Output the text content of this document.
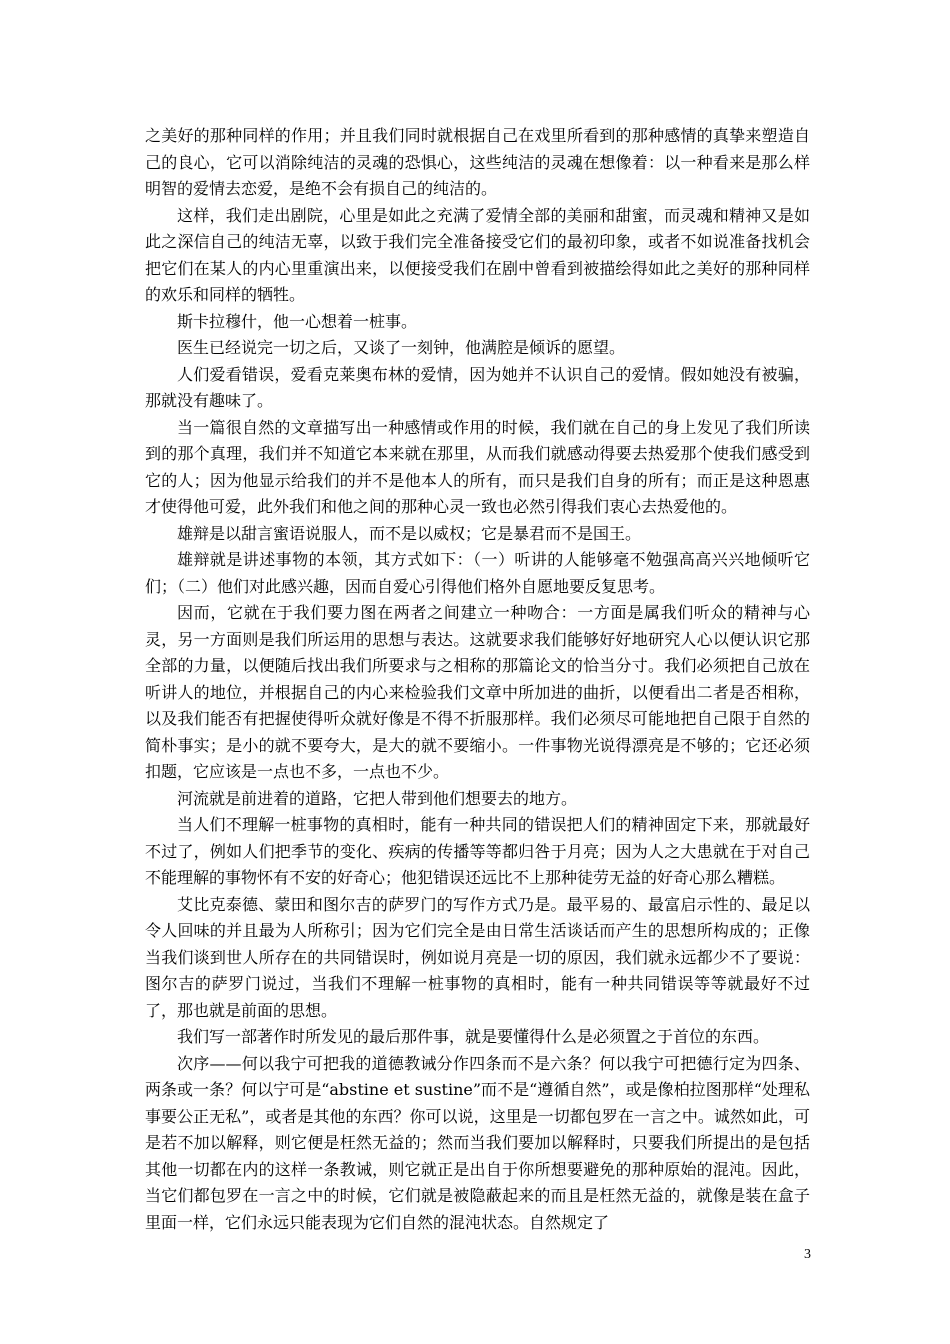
之美好的那种同样的作用；并且我们同时就根据自己在戏里所看到的那种感情的真挚来塑造自己的良心，它可以消除纯洁的灵魂的恐惧心，这些纯洁的灵魂在想像着：以一种看来是那么样明智的爱情去恋爱，是绝不会有损自己的纯洁的。

这样，我们走出剧院，心里是如此之充满了爱情全部的美丽和甜蜜，而灵魂和精神又是如此之深信自己的纯洁无辜，以致于我们完全准备接受它们的最初印象，或者不如说准备找机会把它们在某人的内心里重演出来，以便接受我们在剧中曾看到被描绘得如此之美好的那种同样的欢乐和同样的牺牲。

斯卡拉穆什，他一心想着一桩事。

医生已经说完一切之后，又谈了一刻钟，他满腔是倾诉的愿望。

人们爱看错误，爱看克莱奥布林的爱情，因为她并不认识自己的爱情。假如她没有被骗，那就没有趣味了。

当一篇很自然的文章描写出一种感情或作用的时候，我们就在自己的身上发见了我们所读到的那个真理，我们并不知道它本来就在那里，从而我们就感动得要去热爱那个使我们感受到它的人；因为他显示给我们的并不是他本人的所有，而只是我们自身的所有；而正是这种恩惠才使得他可爱，此外我们和他之间的那种心灵一致也必然引得我们衷心去热爱他的。

雄辩是以甜言蜜语说服人，而不是以威权；它是暴君而不是国王。

雄辩就是讲述事物的本领，其方式如下：（一）听讲的人能够毫不勉强高高兴兴地倾听它们；（二）他们对此感兴趣，因而自爱心引得他们格外自愿地要反复思考。

因而，它就在于我们要力图在两者之间建立一种吻合：一方面是属我们听众的精神与心灵，另一方面则是我们所运用的思想与表达。这就要求我们能够好好地研究人心以便认识它那全部的力量，以便随后找出我们所要求与之相称的那篇论文的恰当分寸。我们必须把自己放在听讲人的地位，并根据自己的内心来检验我们文章中所加进的曲折，以便看出二者是否相称，以及我们能否有把握使得听众就好像是不得不折服那样。我们必须尽可能地把自己限于自然的简朴事实；是小的就不要夸大，是大的就不要缩小。一件事物光说得漂亮是不够的；它还必须扣题，它应该是一点也不多，一点也不少。

河流就是前进着的道路，它把人带到他们想要去的地方。

当人们不理解一桩事物的真相时，能有一种共同的错误把人们的精神固定下来，那就最好不过了，例如人们把季节的变化、疾病的传播等等都归咎于月亮；因为人之大患就在于对自己不能理解的事物怀有不安的好奇心；他犯错误还远比不上那种徒劳无益的好奇心那么糟糕。

艾比克泰德、蒙田和图尔吉的萨罗门的写作方式乃是。最平易的、最富启示性的、最足以令人回味的并且最为人所称引；因为它们完全是由日常生活谈话而产生的思想所构成的；正像当我们谈到世人所存在的共同错误时，例如说月亮是一切的原因，我们就永远都少不了要说：图尔吉的萨罗门说过，当我们不理解一桩事物的真相时，能有一种共同错误等等就最好不过了，那也就是前面的思想。

我们写一部著作时所发见的最后那件事，就是要懂得什么是必须置之于首位的东西。

次序——何以我宁可把我的道德教诫分作四条而不是六条？何以我宁可把德行定为四条、两条或一条？何以宁可是“abstine et sustine”而不是“遵循自然”，或是像柏拉图那样“处理私事要公正无私”，或者是其他的东西？你可以说，这里是一切都包罗在一言之中。诚然如此，可是若不加以解释，则它便是枉然无益的；然而当我们要加以解释时，只要我们所提出的是包括其他一切都在内的这样一条教诫，则它就正是出自于你所想要避免的那种原始的混沌。因此，当它们都包罗在一言之中的时候，它们就是被隐蔽起来的而且是枉然无益的，就像是装在盒子里面一样，它们永远只能表现为它们自然的混沌状态。自然规定了

3
